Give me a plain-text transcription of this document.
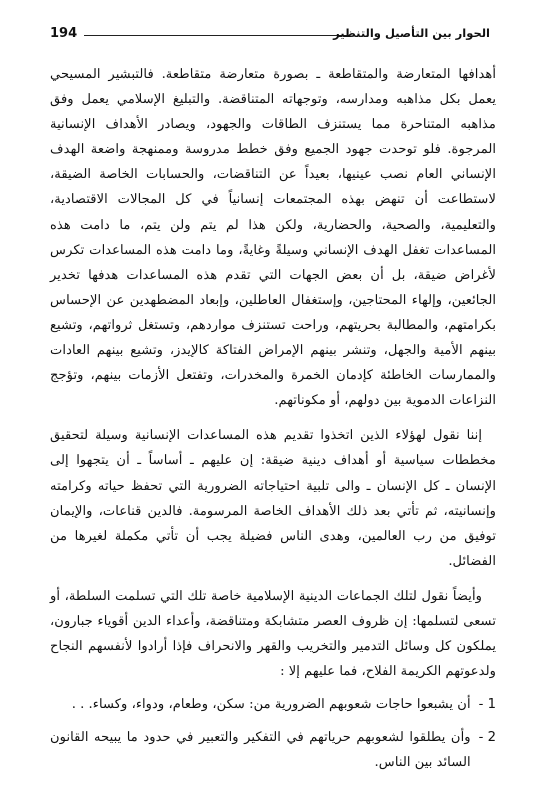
194	الحوار بين التأصيل والتنظير

أهدافها المتعارضة والمتقاطعة ـ بصورة متعارضة متقاطعة. فالتبشير المسيحي يعمل بكل مذاهبه ومدارسه، وتوجهاته المتناقضة. والتبليغ الإسلامي يعمل وفق مذاهبه المتناحرة مما يستنزف الطاقات والجهود، ويصادر الأهداف الإنسانية المرجوة. فلو توحدت جهود الجميع وفق خطط مدروسة وممنهجة واضعة الهدف الإنساني العام نصب عينيها، بعيداً عن التناقضات، والحسابات الخاصة الضيقة، لاستطاعت أن تنهض بهذه المجتمعات إنسانياً في كل المجالات الاقتصادية، والتعليمية، والصحية، والحضارية، ولكن هذا لم يتم ولن يتم، ما دامت هذه المساعدات تغفل الهدف الإنساني وسيلةً وغايةً، وما دامت هذه المساعدات تكرس لأغراض ضيقة، بل أن بعض الجهات التي تقدم هذه المساعدات هدفها تخدير الجائعين، وإلهاء المحتاجين، وإستغفال العاطلين، وإبعاد المضطهدين عن الإحساس بكرامتهم، والمطالبة بحريتهم، وراحت تستنزف مواردهم، وتستغل ثرواتهم، وتشيع بينهم الأمية والجهل، وتنشر بينهم الإمراض الفتاكة كالإيدز، وتشيع بينهم العادات والممارسات الخاطئة كإدمان الخمرة والمخدرات، وتفتعل الأزمات بينهم، وتؤجج النزاعات الدموية بين دولهم، أو مكوناتهم.

إننا نقول لهؤلاء الذين اتخذوا تقديم هذه المساعدات الإنسانية وسيلة لتحقيق مخططات سياسية أو أهداف دينية ضيقة: إن عليهم ـ أساساً ـ أن يتجهوا إلى الإنسان ـ كل الإنسان ـ والى تلبية احتياجاته الضرورية التي تحفظ حياته وكرامته وإنسانيته، ثم تأتي بعد ذلك الأهداف الخاصة المرسومة. فالدين قناعات، والإيمان توفيق من رب العالمين، وهدى الناس فضيلة يجب أن تأتي مكملة لغيرها من الفضائل.

وأيضاً نقول لتلك الجماعات الدينية الإسلامية خاصة تلك التي تسلمت السلطة، أو تسعى لتسلمها: إن ظروف العصر متشابكة ومتناقضة، وأعداء الدين أقوياء جبارون، يملكون كل وسائل التدمير والتخريب والقهر والانحراف فإذا أرادوا لأنفسهم النجاح ولدعوتهم الكريمة الفلاح، فما عليهم إلا :

1 -
أن يشبعوا حاجات شعوبهم الضرورية من: سكن، وطعام، ودواء، وكساء. . .
2 -
وأن يطلقوا لشعوبهم حرياتهم في التفكير والتعبير في حدود ما يبيحه القانون السائد بين الناس.
